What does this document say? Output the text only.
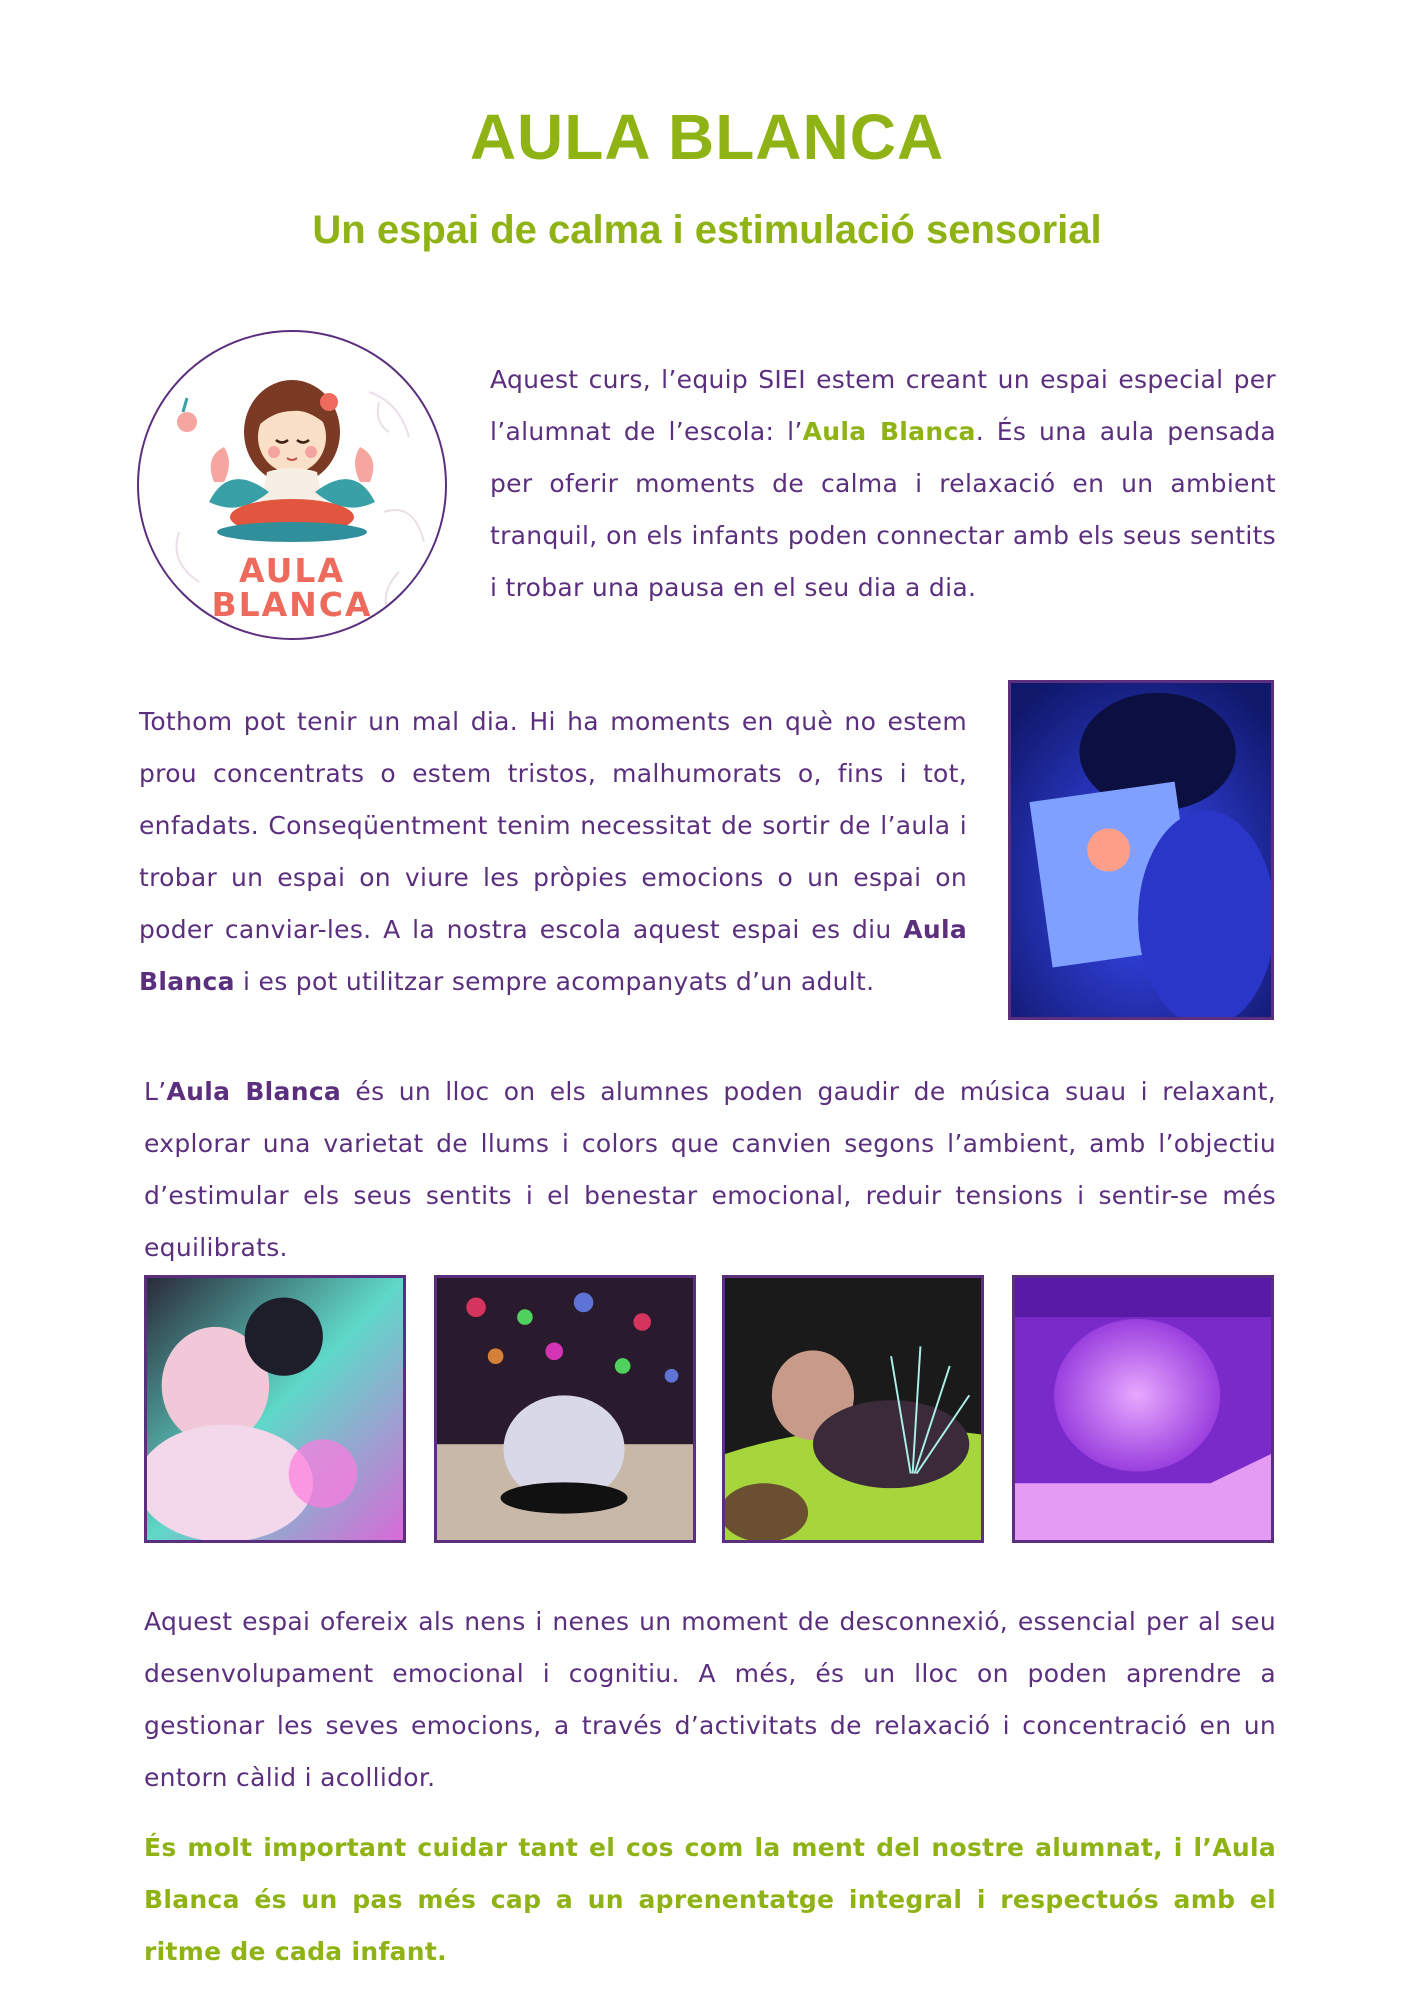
AULA BLANCA
Un espai de calma i estimulació sensorial
AULA
BLANCA
Aquest curs, l’equip SIEI estem creant un espai especial per l’alumnat de l’escola: l’Aula Blanca. És una aula pensada per oferir moments de calma i relaxació en un ambient tranquil, on els infants poden connectar amb els seus sentits i trobar una pausa en el seu dia a dia.
Tothom pot tenir un mal dia. Hi ha moments en què no estem prou concentrats o estem tristos, malhumorats o, fins i tot, enfadats. Conseqüentment tenim necessitat de sortir de l’aula i trobar un espai on viure les pròpies emocions o un espai on poder canviar-les. A la nostra escola aquest espai es diu Aula Blanca i es pot utilitzar sempre acompanyats d’un adult.
L’Aula Blanca és un lloc on els alumnes poden gaudir de música suau i relaxant, explorar una varietat de llums i colors que canvien segons l’ambient, amb l’objectiu d’estimular els seus sentits i el benestar emocional, reduir tensions i sentir-se més equilibrats.
Aquest espai ofereix als nens i nenes un moment de desconnexió, essencial per al seu desenvolupament emocional i cognitiu. A més, és un lloc on poden aprendre a gestionar les seves emocions, a través d’activitats de relaxació i concentració en un entorn càlid i acollidor.
És molt important cuidar tant el cos com la ment del nostre alumnat, i l’Aula Blanca és un pas més cap a un aprenentatge integral i respectuós amb el ritme de cada infant.
